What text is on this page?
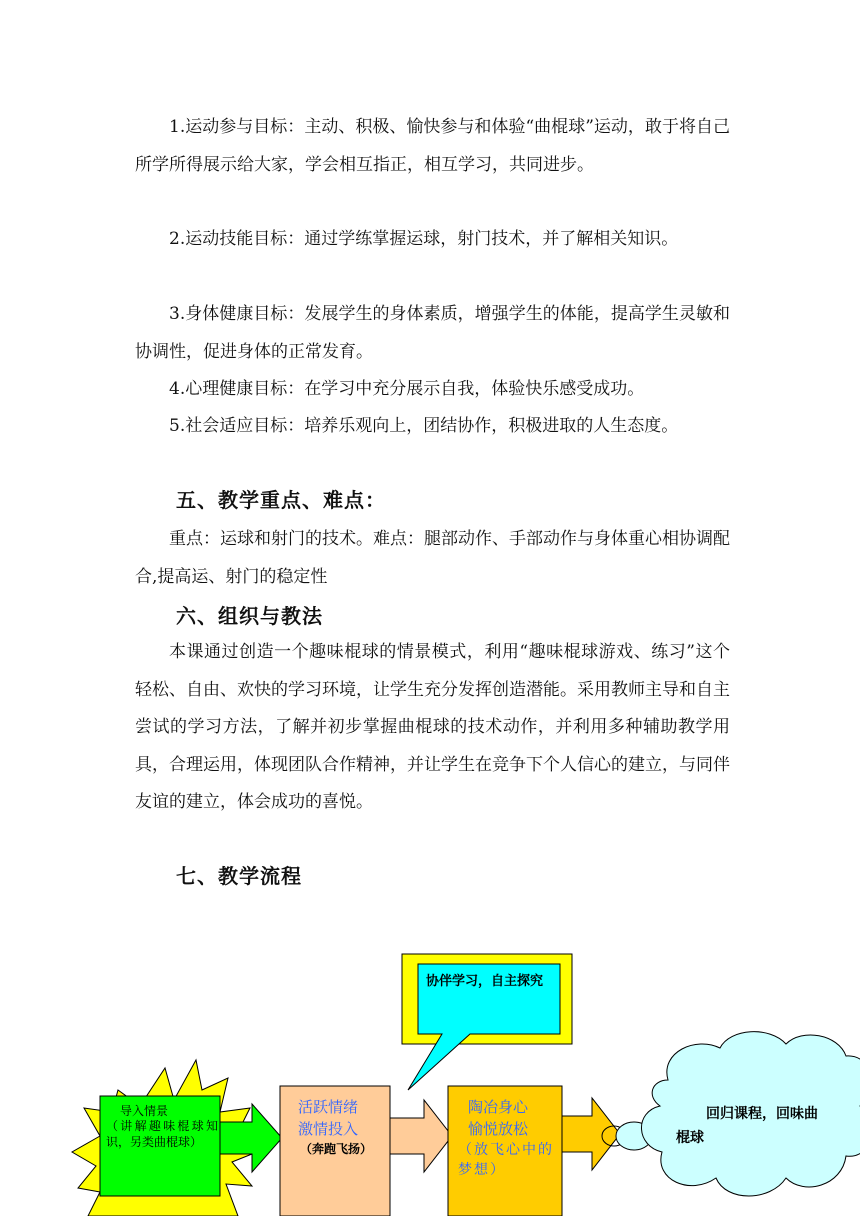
1.运动参与目标：主动、积极、愉快参与和体验“曲棍球”运动，敢于将自己所学所得展示给大家，学会相互指正，相互学习，共同进步。

2.运动技能目标：通过学练掌握运球，射门技术，并了解相关知识。

3.身体健康目标：发展学生的身体素质，增强学生的体能，提高学生灵敏和协调性，促进身体的正常发育。

4.心理健康目标：在学习中充分展示自我，体验快乐感受成功。

5.社会适应目标：培养乐观向上，团结协作，积极进取的人生态度。

五、教学重点、难点：

重点：运球和射门的技术。难点：腿部动作、手部动作与身体重心相协调配合,提高运、射门的稳定性

六、组织与教法

本课通过创造一个趣味棍球的情景模式，利用“趣味棍球游戏、练习”这个轻松、自由、欢快的学习环境，让学生充分发挥创造潜能。采用教师主导和自主尝试的学习方法，了解并初步掌握曲棍球的技术动作，并利用多种辅助教学用具，合理运用，体现团队合作精神，并让学生在竞争下个人信心的建立，与同伴友谊的建立，体会成功的喜悦。

七、教学流程
导入情景
（讲解趣味棍球知识，另类曲棍球）
协伴学习，自主探究
活跃情绪
激情投入
（奔跑飞扬）
陶冶身心
愉悦放松
（放飞心中的梦想）
回归课程，回味曲棍球
